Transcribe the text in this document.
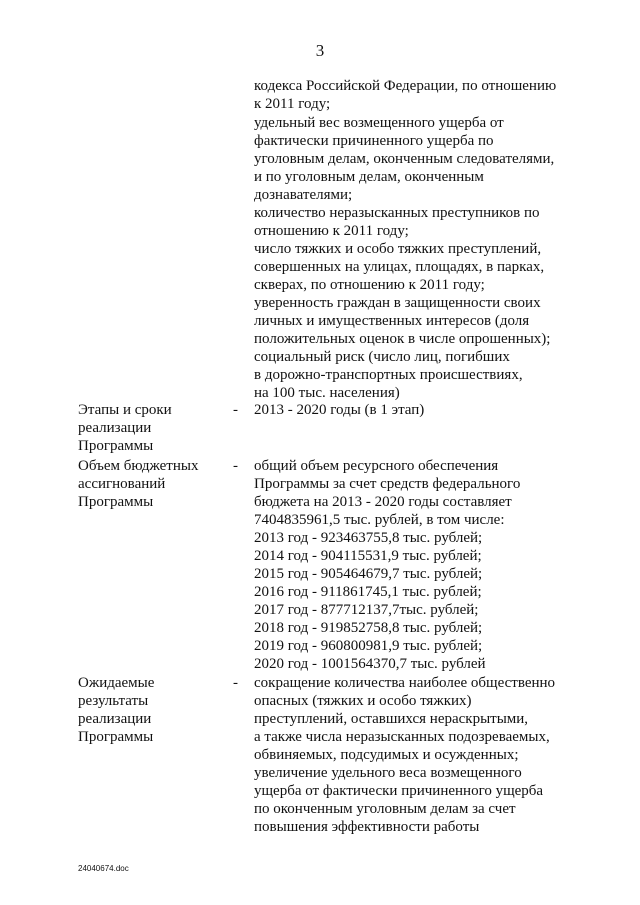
3
кодекса Российской Федерации, по отношению
к 2011 году;
удельный вес возмещенного ущерба от
фактически причиненного ущерба по
уголовным делам, оконченным следователями,
и по уголовным делам, оконченным
дознавателями;
количество неразысканных преступников по
отношению к 2011 году;
число тяжких и особо тяжких преступлений,
совершенных на улицах, площадях, в парках,
скверах, по отношению к 2011 году;
уверенность граждан в защищенности своих
личных и имущественных интересов (доля
положительных оценок в числе опрошенных);
социальный риск (число лиц, погибших
в дорожно-транспортных происшествиях,
на 100 тыс. населения)
Этапы и сроки
реализации
Программы
- 2013 - 2020 годы (в 1 этап)
Объем бюджетных
ассигнований
Программы
- общий объем ресурсного обеспечения
Программы за счет средств федерального
бюджета на 2013 - 2020 годы составляет
7404835961,5 тыс. рублей, в том числе:
2013 год - 923463755,8 тыс. рублей;
2014 год - 904115531,9 тыс. рублей;
2015 год - 905464679,7 тыс. рублей;
2016 год - 911861745,1 тыс. рублей;
2017 год - 877712137,7тыс. рублей;
2018 год - 919852758,8 тыс. рублей;
2019 год - 960800981,9 тыс. рублей;
2020 год - 1001564370,7 тыс. рублей
Ожидаемые
результаты
реализации
Программы
- сокращение количества наиболее общественно
опасных (тяжких и особо тяжких)
преступлений, оставшихся нераскрытыми,
а также числа неразысканных подозреваемых,
обвиняемых, подсудимых и осужденных;
увеличение удельного веса возмещенного
ущерба от фактически причиненного ущерба
по оконченным уголовным делам за счет
повышения эффективности работы
24040674.doc
